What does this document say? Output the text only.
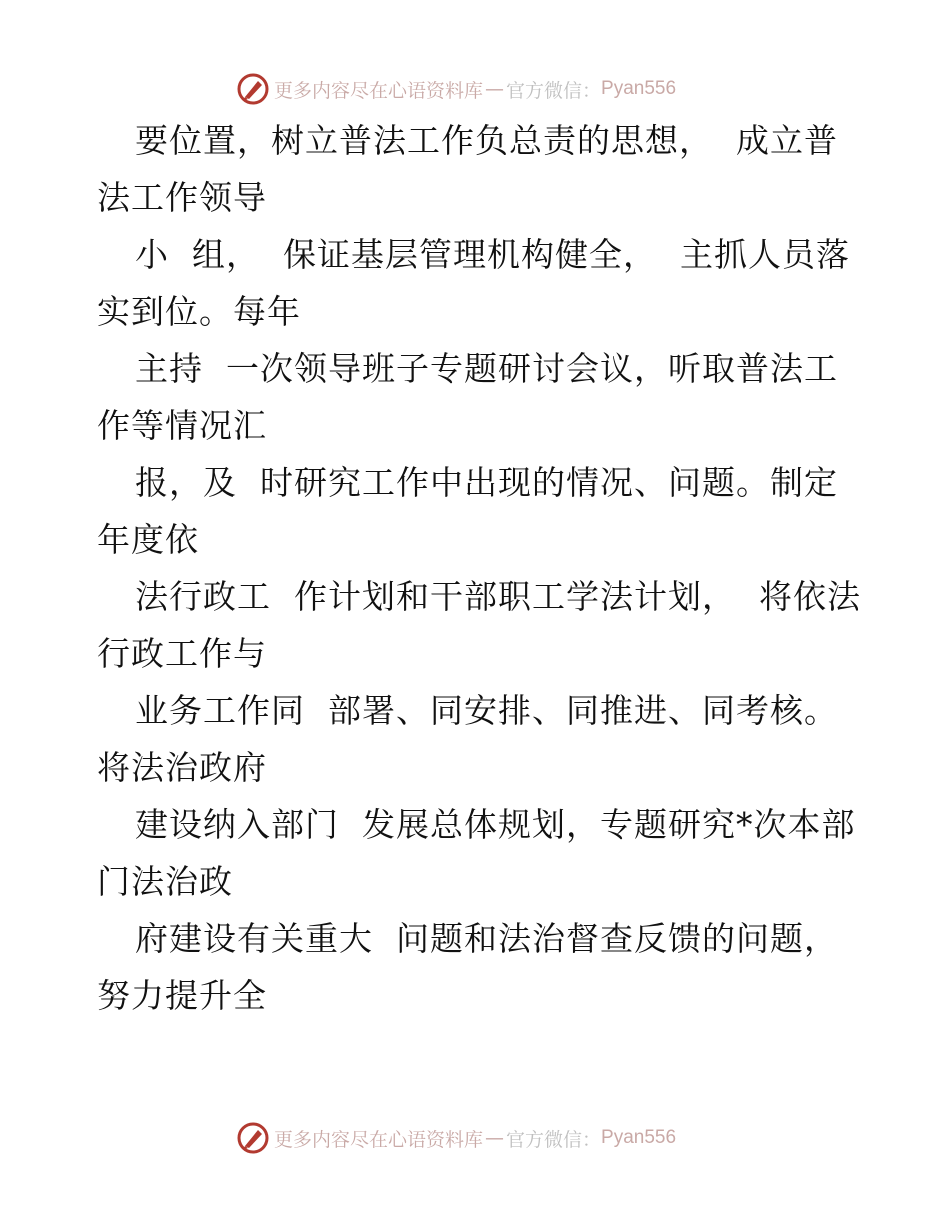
更多内容尽在心语资料库 — 官方微信： Pyan556
要位置，树立普法工作负总责的思想，  成立普
法工作领导
小  组，  保证基层管理机构健全，  主抓人员落
实到位。每年
主持  一次领导班子专题研讨会议，听取普法工
作等情况汇
报，及  时研究工作中出现的情况、问题。制定
年度依
法行政工  作计划和干部职工学法计划，  将依法
行政工作与
业务工作同  部署、同安排、同推进、同考核。
将法治政府
建设纳入部门  发展总体规划，专题研究*次本部
门法治政
府建设有关重大  问题和法治督查反馈的问题，
努力提升全
更多内容尽在心语资料库 — 官方微信： Pyan556
